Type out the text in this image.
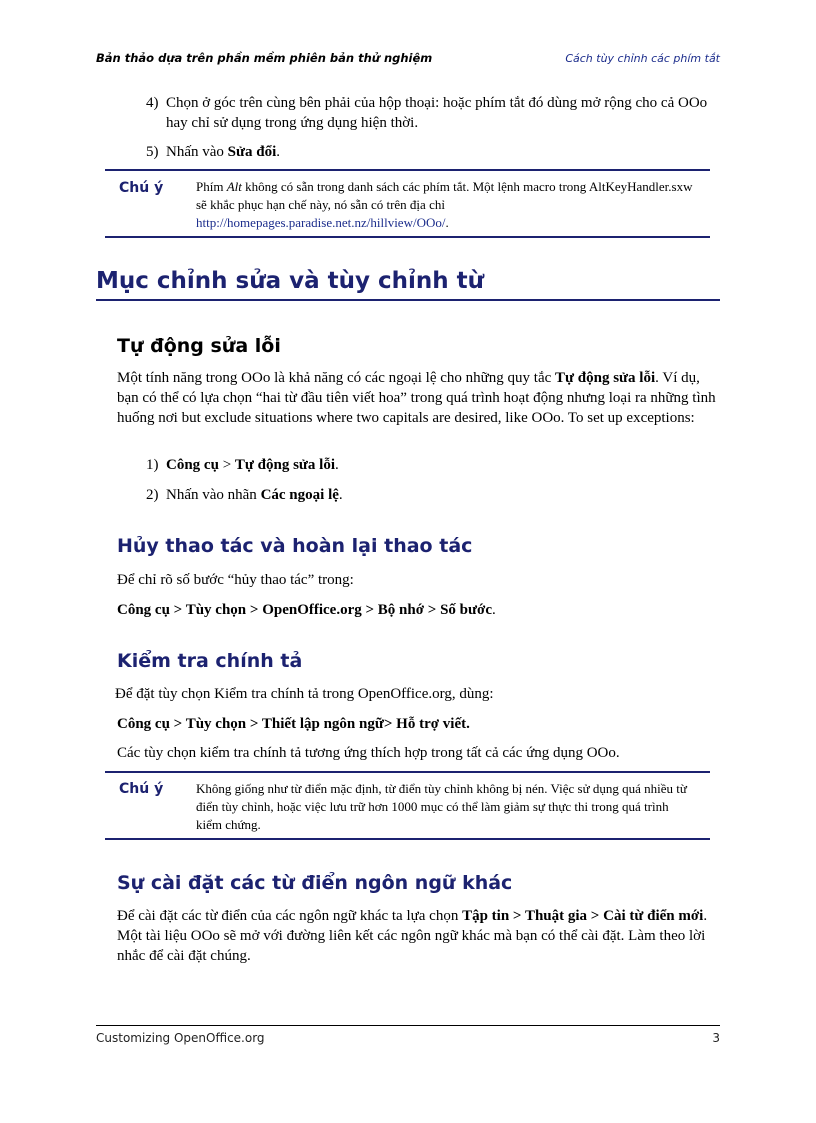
Bản thảo dựa trên phần mềm phiên bản thử nghiệm	Cách tùy chỉnh các phím tắt
4) Chọn ở góc trên cùng bên phải của hộp thoại: hoặc phím tắt đó dùng mở rộng cho cả OOo hay chỉ sử dụng trong ứng dụng hiện thời.
5) Nhấn vào Sửa đổi.
Chú ý	Phím Alt không có sẵn trong danh sách các phím tắt. Một lệnh macro trong AltKeyHandler.sxw sẽ khắc phục hạn chế này, nó sẵn có trên địa chỉ http://homepages.paradise.net.nz/hillview/OOo/.
Mục chỉnh sửa và tùy chỉnh từ
Tự động sửa lỗi
Một tính năng trong OOo là khả năng có các ngoại lệ cho những quy tắc Tự động sửa lỗi. Ví dụ, bạn có thể có lựa chọn “hai từ đầu tiên viết hoa” trong quá trình hoạt động nhưng loại ra những tình huống nơi but exclude situations where two capitals are desired, like OOo. To set up exceptions:
1) Công cụ > Tự động sửa lỗi.
2) Nhấn vào nhãn Các ngoại lệ.
Hủy thao tác và hoàn lại thao tác
Để chỉ rõ số bước “hủy thao tác” trong:
Công cụ > Tùy chọn > OpenOffice.org > Bộ nhớ > Số bước.
Kiểm tra chính tả
Để đặt tùy chọn Kiểm tra chính tả trong OpenOffice.org, dùng:
Công cụ > Tùy chọn > Thiết lập ngôn ngữ> Hỗ trợ viết.
Các tùy chọn kiểm tra chính tả tương ứng thích hợp trong tất cả các ứng dụng OOo.
Chú ý	Không giống như từ điển mặc định, từ điển tùy chỉnh không bị nén. Việc sử dụng quá nhiều từ điển tùy chỉnh, hoặc việc lưu trữ hơn 1000 mục có thể làm giảm sự thực thi trong quá trình kiểm chứng.
Sự cài đặt các từ điển ngôn ngữ khác
Để cài đặt các từ điển của các ngôn ngữ khác ta lựa chọn Tập tin > Thuật gia > Cài từ điển mới. Một tài liệu OOo sẽ mở với đường liên kết các ngôn ngữ khác mà bạn có thể cài đặt. Làm theo lời nhắc để cài đặt chúng.
Customizing OpenOffice.org	3
